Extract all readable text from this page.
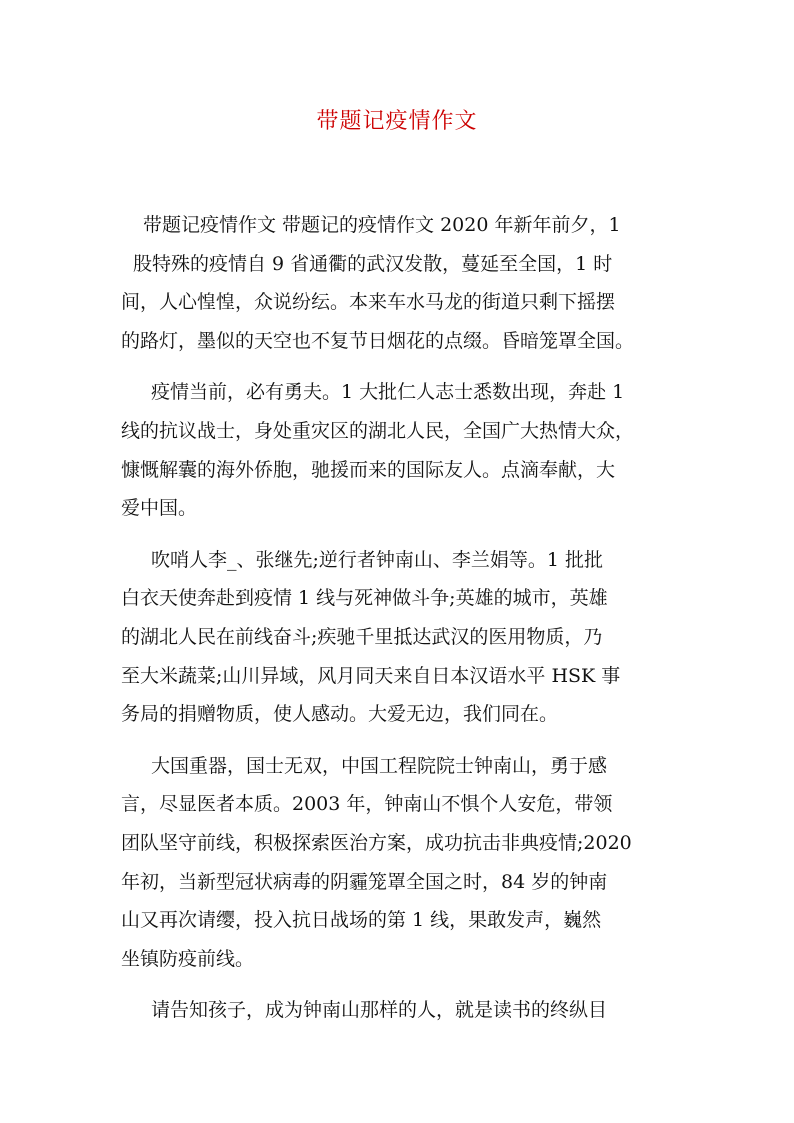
带题记疫情作文
带题记疫情作文 带题记的疫情作文 2020 年新年前夕，1
股特殊的疫情自 9 省通衢的武汉发散，蔓延至全国，1 时
间，人心惶惶，众说纷纭。本来车水马龙的街道只剩下摇摆
的路灯，墨似的天空也不复节日烟花的点缀。昏暗笼罩全国。
疫情当前，必有勇夫。1 大批仁人志士悉数出现，奔赴 1
线的抗议战士，身处重灾区的湖北人民，全国广大热情大众，
慷慨解囊的海外侨胞，驰援而来的国际友人。点滴奉献，大
爱中国。
吹哨人李_、张继先;逆行者钟南山、李兰娟等。1 批批
白衣天使奔赴到疫情 1 线与死神做斗争;英雄的城市，英雄
的湖北人民在前线奋斗;疾驰千里抵达武汉的医用物质，乃
至大米蔬菜;山川异域，风月同天来自日本汉语水平 HSK 事
务局的捐赠物质，使人感动。大爱无边，我们同在。
大国重器，国士无双，中国工程院院士钟南山，勇于感
言，尽显医者本质。2003 年，钟南山不惧个人安危，带领
团队坚守前线，积极探索医治方案，成功抗击非典疫情;2020
年初，当新型冠状病毒的阴霾笼罩全国之时，84 岁的钟南
山又再次请缨，投入抗日战场的第 1 线，果敢发声，巍然
坐镇防疫前线。
请告知孩子，成为钟南山那样的人，就是读书的终纵目
